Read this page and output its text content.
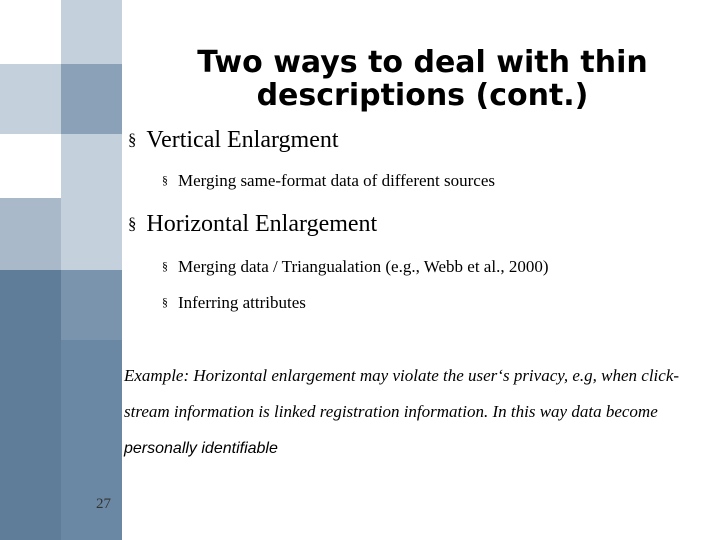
Two ways to deal with thin descriptions (cont.)
§ Vertical Enlargment
§ Merging same-format data of different sources
§ Horizontal Enlargement
§ Merging data / Triangualation (e.g., Webb et al., 2000)
§ Inferring attributes
Example: Horizontal enlargement may violate the user‘s privacy, e.g, when click-stream information is linked registration information. In this way data become personally identifiable
27
